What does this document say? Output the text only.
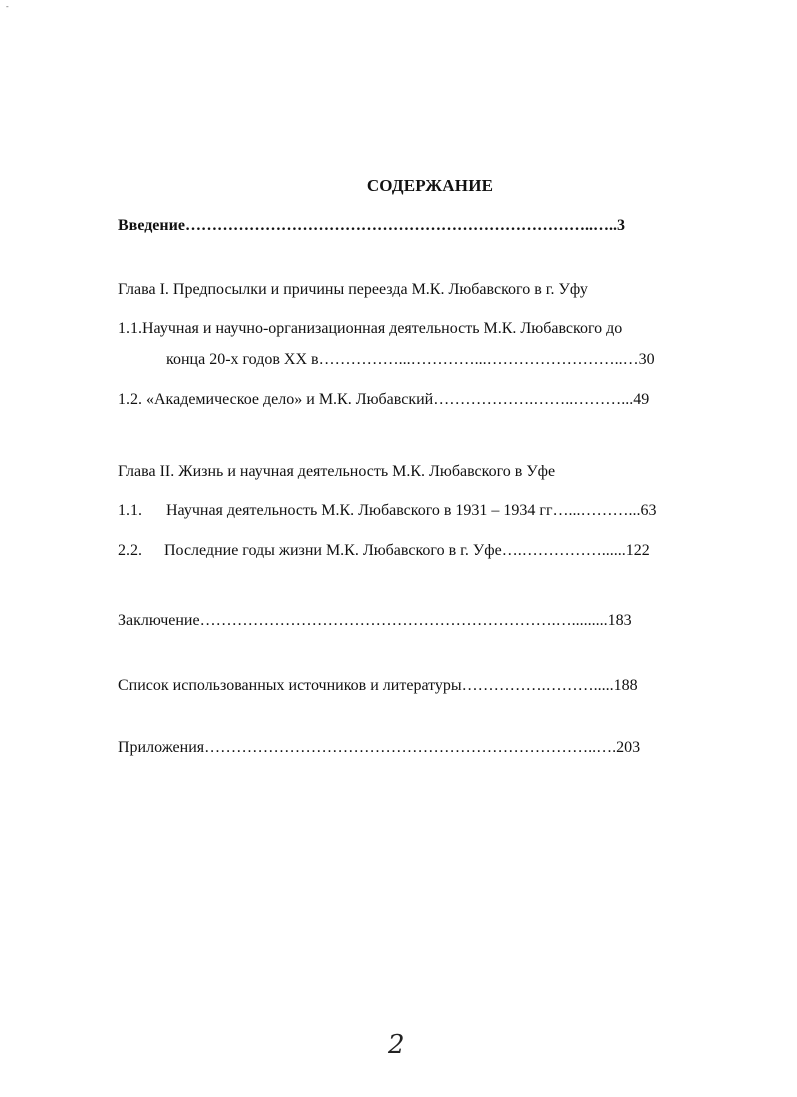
-
СОДЕРЖАНИЕ
Введение…………………………………………………………………..…..3
Глава I. Предпосылки и причины переезда М.К. Любавского в г. Уфу
1.1.Научная и научно-организационная деятельность М.К. Любавского до
конца 20-х годов XX в……………...…………...……………………..…30
1.2. «Академическое дело» и М.К. Любавский……………….……..………...49
Глава II. Жизнь и научная деятельность М.К. Любавского в Уфе
1.1. Научная деятельность М.К. Любавского в 1931 – 1934 гг…...………...63
2.2. Последние годы жизни М.К. Любавского в г. Уфе….……………......122
Заключение………………………………………………………….….........183
Список использованных источников и литературы…………….……….....188
Приложения………………………………………………………………..….203
2
